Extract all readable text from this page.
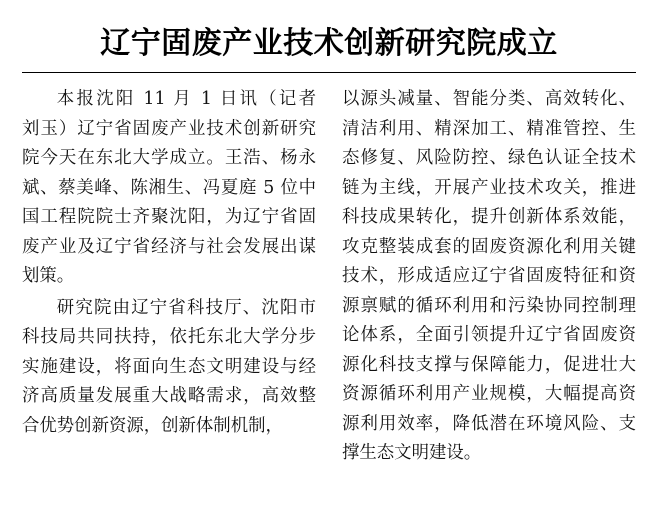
辽宁固废产业技术创新研究院成立

本报沈阳 11 月 1 日讯（记者　刘玉）辽宁省固废产业技术创新研究院今天在东北大学成立。王浩、杨永斌、蔡美峰、陈湘生、冯夏庭 5 位中国工程院院士齐聚沈阳，为辽宁省固废产业及辽宁省经济与社会发展出谋划策。

研究院由辽宁省科技厅、沈阳市科技局共同扶持，依托东北大学分步实施建设，将面向生态文明建设与经济高质量发展重大战略需求，高效整合优势创新资源，创新体制机制，

以源头减量、智能分类、高效转化、清洁利用、精深加工、精准管控、生态修复、风险防控、绿色认证全技术链为主线，开展产业技术攻关，推进科技成果转化，提升创新体系效能，攻克整装成套的固废资源化利用关键技术，形成适应辽宁省固废特征和资源禀赋的循环利用和污染协同控制理论体系，全面引领提升辽宁省固废资源化科技支撑与保障能力，促进壮大资源循环利用产业规模，大幅提高资源利用效率，降低潜在环境风险、支撑生态文明建设。
